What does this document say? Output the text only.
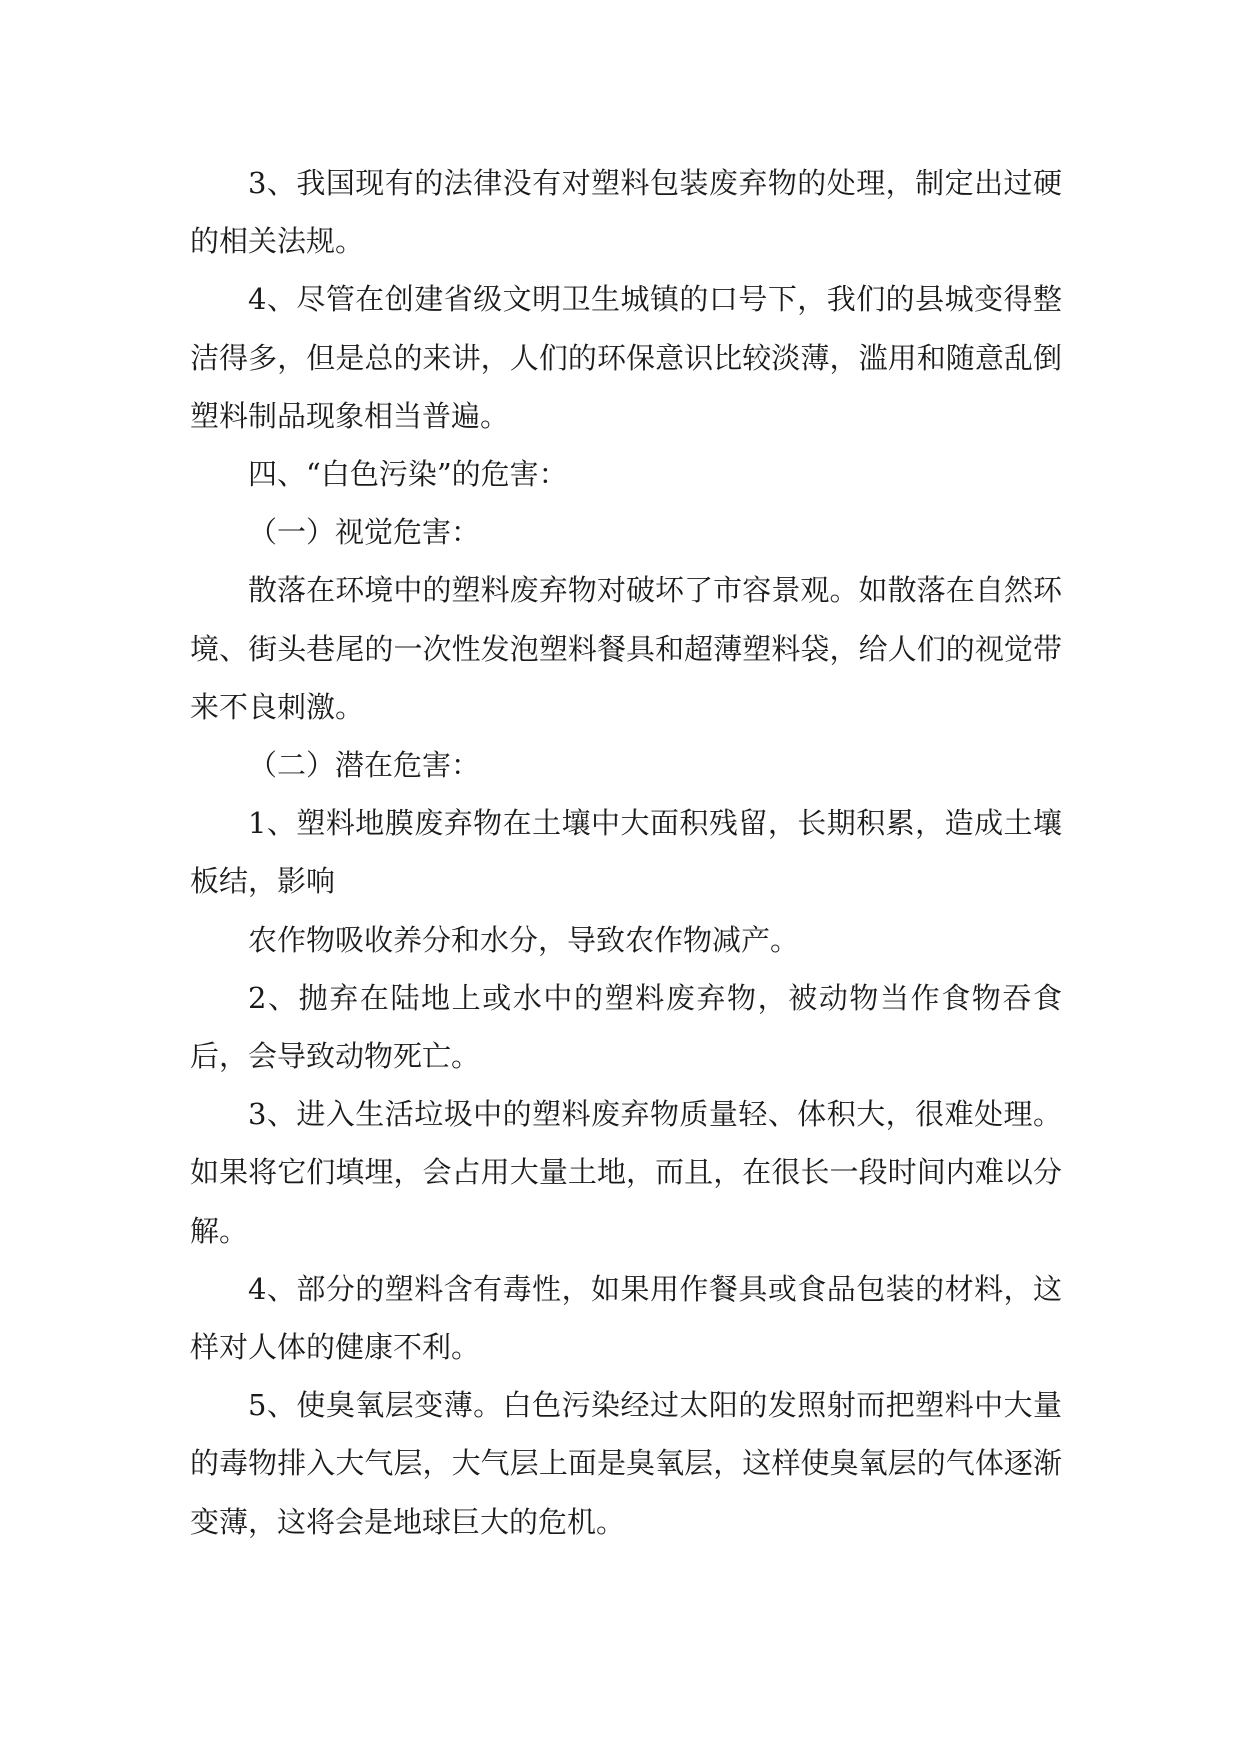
3、我国现有的法律没有对塑料包装废弃物的处理，制定出过硬的相关法规。

4、尽管在创建省级文明卫生城镇的口号下，我们的县城变得整洁得多，但是总的来讲，人们的环保意识比较淡薄，滥用和随意乱倒塑料制品现象相当普遍。

四、“白色污染”的危害：

（一）视觉危害：

散落在环境中的塑料废弃物对破坏了市容景观。如散落在自然环境、街头巷尾的一次性发泡塑料餐具和超薄塑料袋，给人们的视觉带来不良刺激。

（二）潜在危害：

1、塑料地膜废弃物在土壤中大面积残留，长期积累，造成土壤板结，影响

农作物吸收养分和水分，导致农作物减产。

2、抛弃在陆地上或水中的塑料废弃物，被动物当作食物吞食后，会导致动物死亡。

3、进入生活垃圾中的塑料废弃物质量轻、体积大，很难处理。如果将它们填埋，会占用大量土地，而且，在很长一段时间内难以分解。

4、部分的塑料含有毒性，如果用作餐具或食品包装的材料，这样对人体的健康不利。

5、使臭氧层变薄。白色污染经过太阳的发照射而把塑料中大量的毒物排入大气层，大气层上面是臭氧层，这样使臭氧层的气体逐渐变薄，这将会是地球巨大的危机。
